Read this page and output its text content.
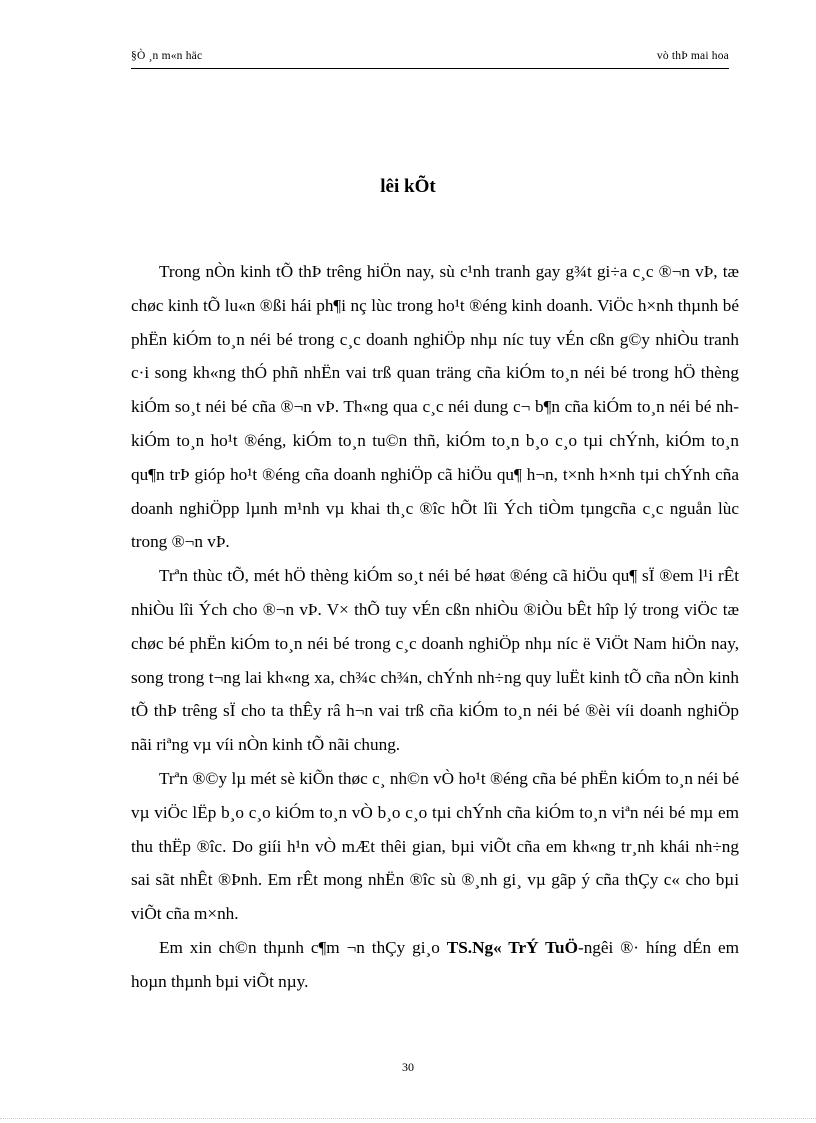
§Ò ¸n m«n häc	vò thÞ mai hoa
lêi kÕt

Trong nÒn kinh tÕ thÞ trêng hiÖn nay, sù c¹nh tranh gay g¾t gi÷a c¸c ®¬n vÞ, tæ chøc kinh tÕ lu«n ®ßi hái ph¶i nç lùc trong ho¹t ®éng kinh doanh. ViÖc h×nh thµnh bé phËn kiÓm to¸n néi bé trong c¸c doanh nghiÖp nhµ níc tuy vÉn cßn g©y nhiÒu tranh c·i song kh«ng thÓ phñ nhËn vai trß quan träng cña kiÓm to¸n néi bé trong hÖ thèng kiÓm so¸t néi bé cña ®¬n vÞ. Th«ng qua c¸c néi dung c¬ b¶n cña kiÓm to¸n néi bé nh kiÓm to¸n ho¹t ®éng, kiÓm to¸n tu©n thñ, kiÓm to¸n b¸o c¸o tµi chÝnh, kiÓm to¸n qu¶n trÞ gióp ho¹t ®éng cña doanh nghiÖp cã hiÖu qu¶ h¬n, t×nh h×nh tµi chÝnh cña doanh nghiÖpp lµnh m¹nh vµ khai th¸c ®îc hÕt lîi Ých tiÒm tµngcña c¸c nguån lùc trong ®¬n vÞ.

Trªn thùc tÕ, mét hÖ thèng kiÓm so¸t néi bé høat ®éng cã hiÖu qu¶ sÏ ®em l¹i rÊt nhiÒu lîi Ých cho ®¬n vÞ. V× thÕ tuy vÉn cßn nhiÒu ®iÒu bÊt hîp lý trong viÖc tæ chøc bé phËn kiÓm to¸n néi bé trong c¸c doanh nghiÖp nhµ níc ë ViÖt Nam hiÖn nay, song trong t¬ng lai kh«ng xa, ch¾c ch¾n, chÝnh nh÷ng quy luËt kinh tÕ cña nÒn kinh tÕ thÞ trêng sÏ cho ta thÊy râ h¬n vai trß cña kiÓm to¸n néi bé ®èi víi doanh nghiÖp nãi riªng vµ víi nÒn kinh tÕ nãi chung.

Trªn ®©y lµ mét sè kiÕn thøc c¸ nh©n vÒ ho¹t ®éng cña bé phËn kiÓm to¸n néi bé vµ viÖc lËp b¸o c¸o kiÓm to¸n vÒ b¸o c¸o tµi chÝnh cña kiÓm to¸n viªn néi bé mµ em thu thËp ®îc. Do giíi h¹n vÒ mÆt thêi gian, bµi viÕt cña em kh«ng tr¸nh khái nh÷ng sai sãt nhÊt ®Þnh. Em rÊt mong nhËn ®îc sù ®¸nh gi¸ vµ gãp ý cña thÇy c« cho bµi viÕt cña m×nh.

Em xin ch©n thµnh c¶m ¬n thÇy gi¸o TS.Ng« TrÝ TuÖ-ngêi ®· híng dÉn em hoµn thµnh bµi viÕt nµy.

30
